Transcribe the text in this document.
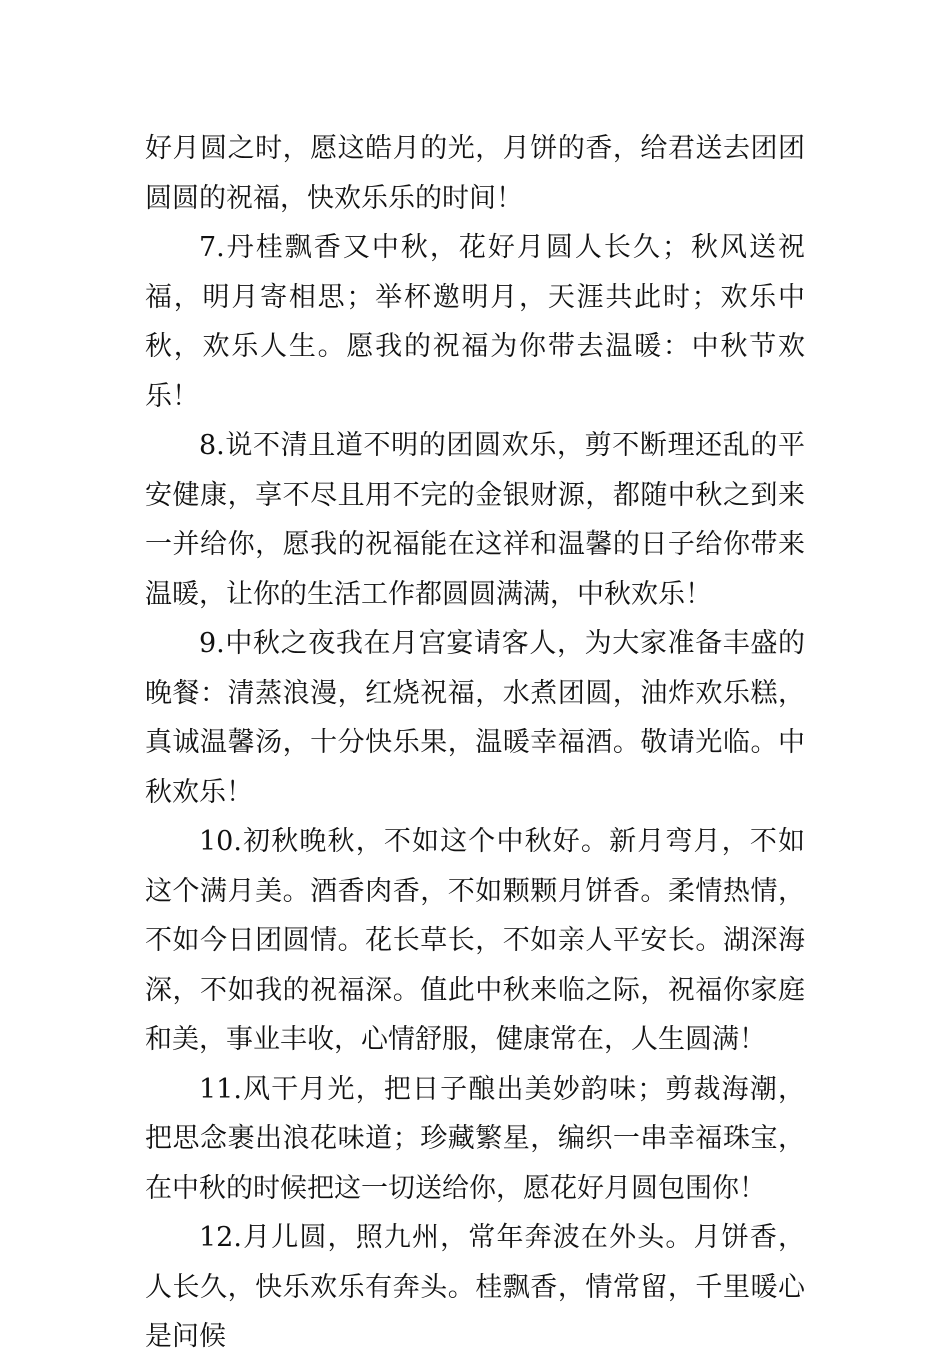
好月圆之时，愿这皓月的光，月饼的香，给君送去团团圆圆的祝福，快欢乐乐的时间！

7.丹桂飘香又中秋，花好月圆人长久；秋风送祝福，明月寄相思；举杯邀明月，天涯共此时；欢乐中秋，欢乐人生。愿我的祝福为你带去温暖：中秋节欢乐！

8.说不清且道不明的团圆欢乐，剪不断理还乱的平安健康，享不尽且用不完的金银财源，都随中秋之到来一并给你，愿我的祝福能在这祥和温馨的日子给你带来温暖，让你的生活工作都圆圆满满，中秋欢乐！

9.中秋之夜我在月宫宴请客人，为大家准备丰盛的晚餐：清蒸浪漫，红烧祝福，水煮团圆，油炸欢乐糕，真诚温馨汤，十分快乐果，温暖幸福酒。敬请光临。中秋欢乐！

10.初秋晚秋，不如这个中秋好。新月弯月，不如这个满月美。酒香肉香，不如颗颗月饼香。柔情热情，不如今日团圆情。花长草长，不如亲人平安长。湖深海深，不如我的祝福深。值此中秋来临之际，祝福你家庭和美，事业丰收，心情舒服，健康常在，人生圆满！

11.风干月光，把日子酿出美妙韵味；剪裁海潮，把思念裹出浪花味道；珍藏繁星，编织一串幸福珠宝，在中秋的时候把这一切送给你，愿花好月圆包围你！

12.月儿圆，照九州，常年奔波在外头。月饼香，人长久，快乐欢乐有奔头。桂飘香，情常留，千里暖心是问候
